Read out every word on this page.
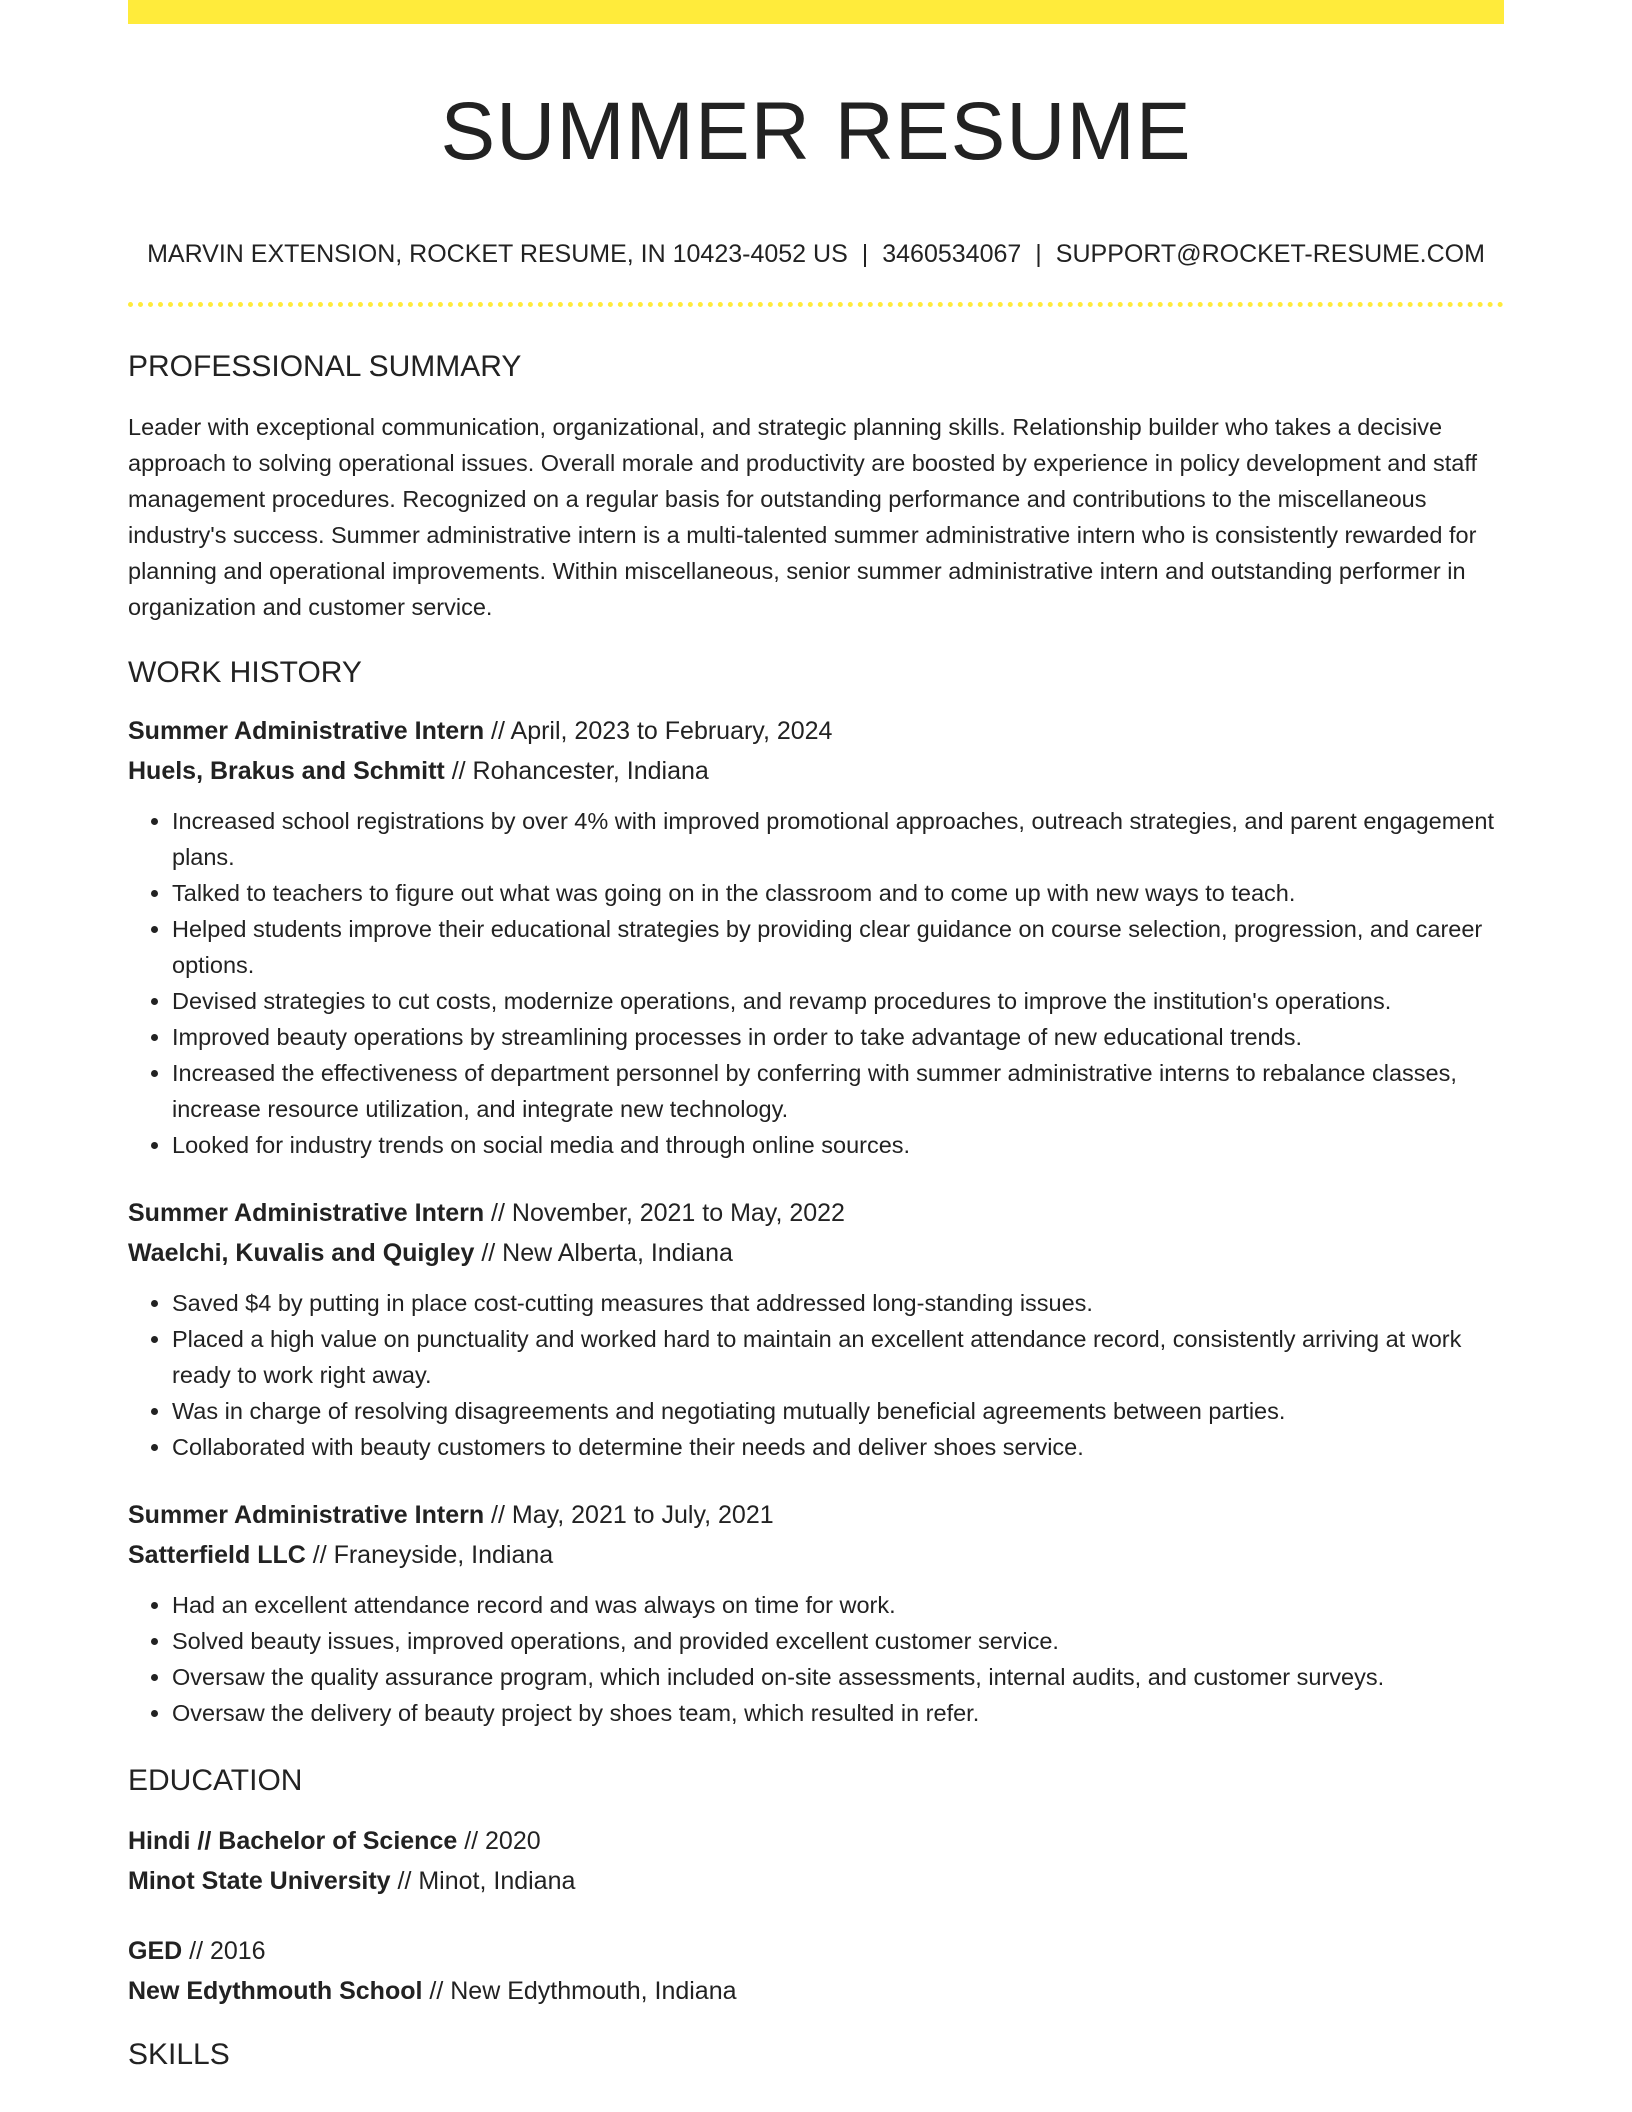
SUMMER RESUME
MARVIN EXTENSION, ROCKET RESUME, IN 10423-4052 US | 3460534067 | SUPPORT@ROCKET-RESUME.COM
PROFESSIONAL SUMMARY

Leader with exceptional communication, organizational, and strategic planning skills. Relationship builder who takes a decisive approach to solving operational issues. Overall morale and productivity are boosted by experience in policy development and staff management procedures. Recognized on a regular basis for outstanding performance and contributions to the miscellaneous industry's success. Summer administrative intern is a multi-talented summer administrative intern who is consistently rewarded for planning and operational improvements. Within miscellaneous, senior summer administrative intern and outstanding performer in organization and customer service.

WORK HISTORY
Summer Administrative Intern // April, 2023 to February, 2024
Huels, Brakus and Schmitt // Rohancester, Indiana
• Increased school registrations by over 4% with improved promotional approaches, outreach strategies, and parent engagement plans.
• Talked to teachers to figure out what was going on in the classroom and to come up with new ways to teach.
• Helped students improve their educational strategies by providing clear guidance on course selection, progression, and career options.
• Devised strategies to cut costs, modernize operations, and revamp procedures to improve the institution's operations.
• Improved beauty operations by streamlining processes in order to take advantage of new educational trends.
• Increased the effectiveness of department personnel by conferring with summer administrative interns to rebalance classes, increase resource utilization, and integrate new technology.
• Looked for industry trends on social media and through online sources.
Summer Administrative Intern // November, 2021 to May, 2022
Waelchi, Kuvalis and Quigley // New Alberta, Indiana
• Saved $4 by putting in place cost-cutting measures that addressed long-standing issues.
• Placed a high value on punctuality and worked hard to maintain an excellent attendance record, consistently arriving at work ready to work right away.
• Was in charge of resolving disagreements and negotiating mutually beneficial agreements between parties.
• Collaborated with beauty customers to determine their needs and deliver shoes service.
Summer Administrative Intern // May, 2021 to July, 2021
Satterfield LLC // Franeyside, Indiana
• Had an excellent attendance record and was always on time for work.
• Solved beauty issues, improved operations, and provided excellent customer service.
• Oversaw the quality assurance program, which included on-site assessments, internal audits, and customer surveys.
• Oversaw the delivery of beauty project by shoes team, which resulted in refer.
EDUCATION
Hindi // Bachelor of Science // 2020
Minot State University // Minot, Indiana
GED // 2016
New Edythmouth School // New Edythmouth, Indiana
SKILLS
